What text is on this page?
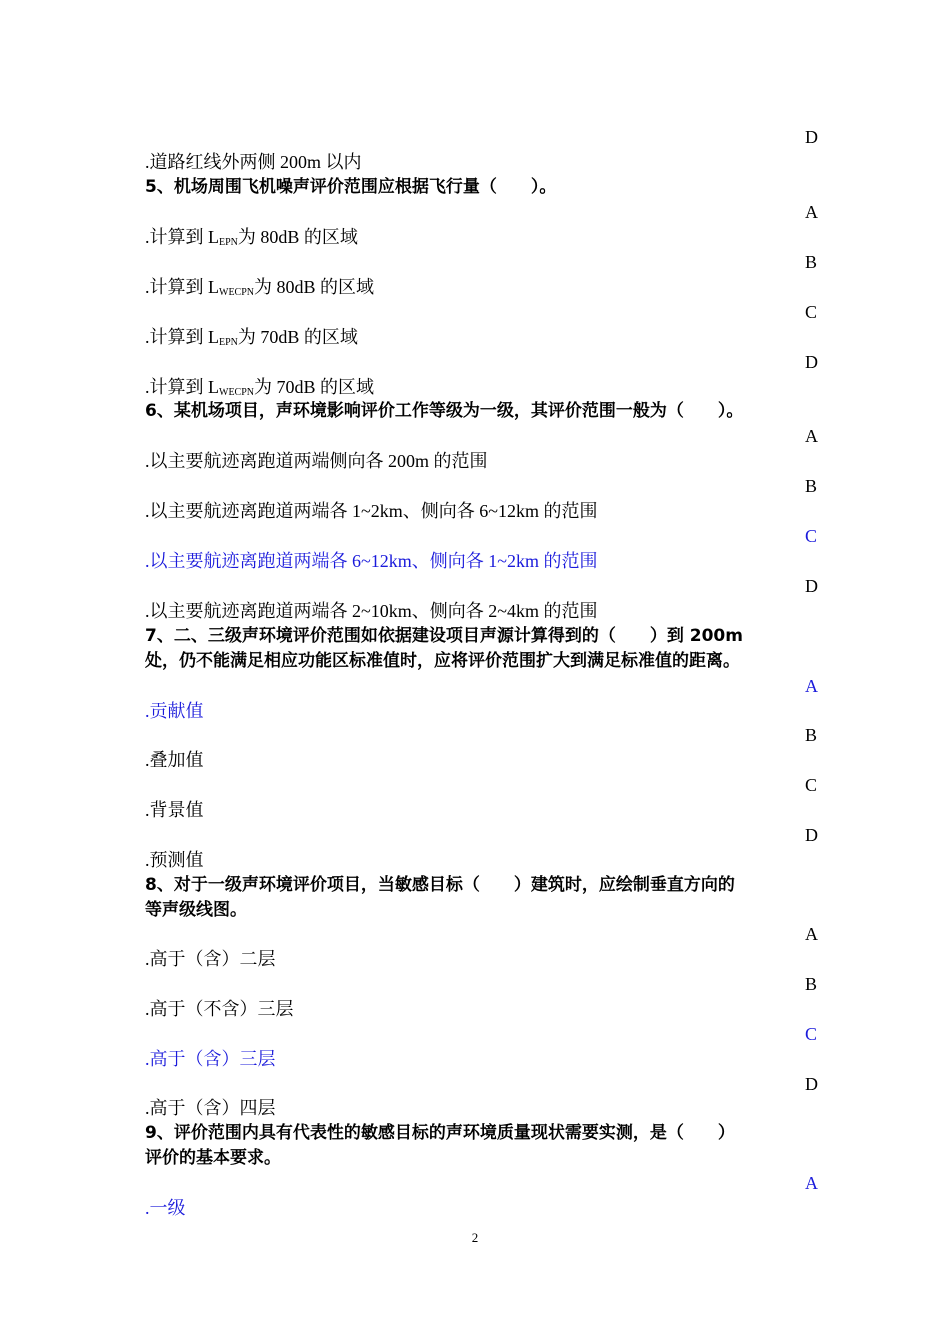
D
.道路红线外两侧 200m 以内
5、机场周围飞机噪声评价范围应根据飞行量（　　）。
A
.计算到 $L_{EPN}$为 80dB 的区域
B
.计算到 $L_{WECPN}$为 80dB 的区域
C
.计算到 $L_{EPN}$为 70dB 的区域
D
.计算到 $L_{WECPN}$为 70dB 的区域
6、某机场项目，声环境影响评价工作等级为一级，其评价范围一般为（　　）。
A
.以主要航迹离跑道两端侧向各 200m 的范围
B
.以主要航迹离跑道两端各 1~2km、侧向各 6~12km 的范围
C
.以主要航迹离跑道两端各 6~12km、侧向各 1~2km 的范围
D
.以主要航迹离跑道两端各 2~10km、侧向各 2~4km 的范围
7、二、三级声环境评价范围如依据建设项目声源计算得到的（　　）到 200m
处，仍不能满足相应功能区标准值时，应将评价范围扩大到满足标准值的距离。
A
.贡献值
B
.叠加值
C
.背景值
D
.预测值
8、对于一级声环境评价项目，当敏感目标（　　）建筑时，应绘制垂直方向的
等声级线图。
A
.高于（含）二层
B
.高于（不含）三层
C
.高于（含）三层
D
.高于（含）四层
9、评价范围内具有代表性的敏感目标的声环境质量现状需要实测，是（　　）
评价的基本要求。
A
.一级
2
